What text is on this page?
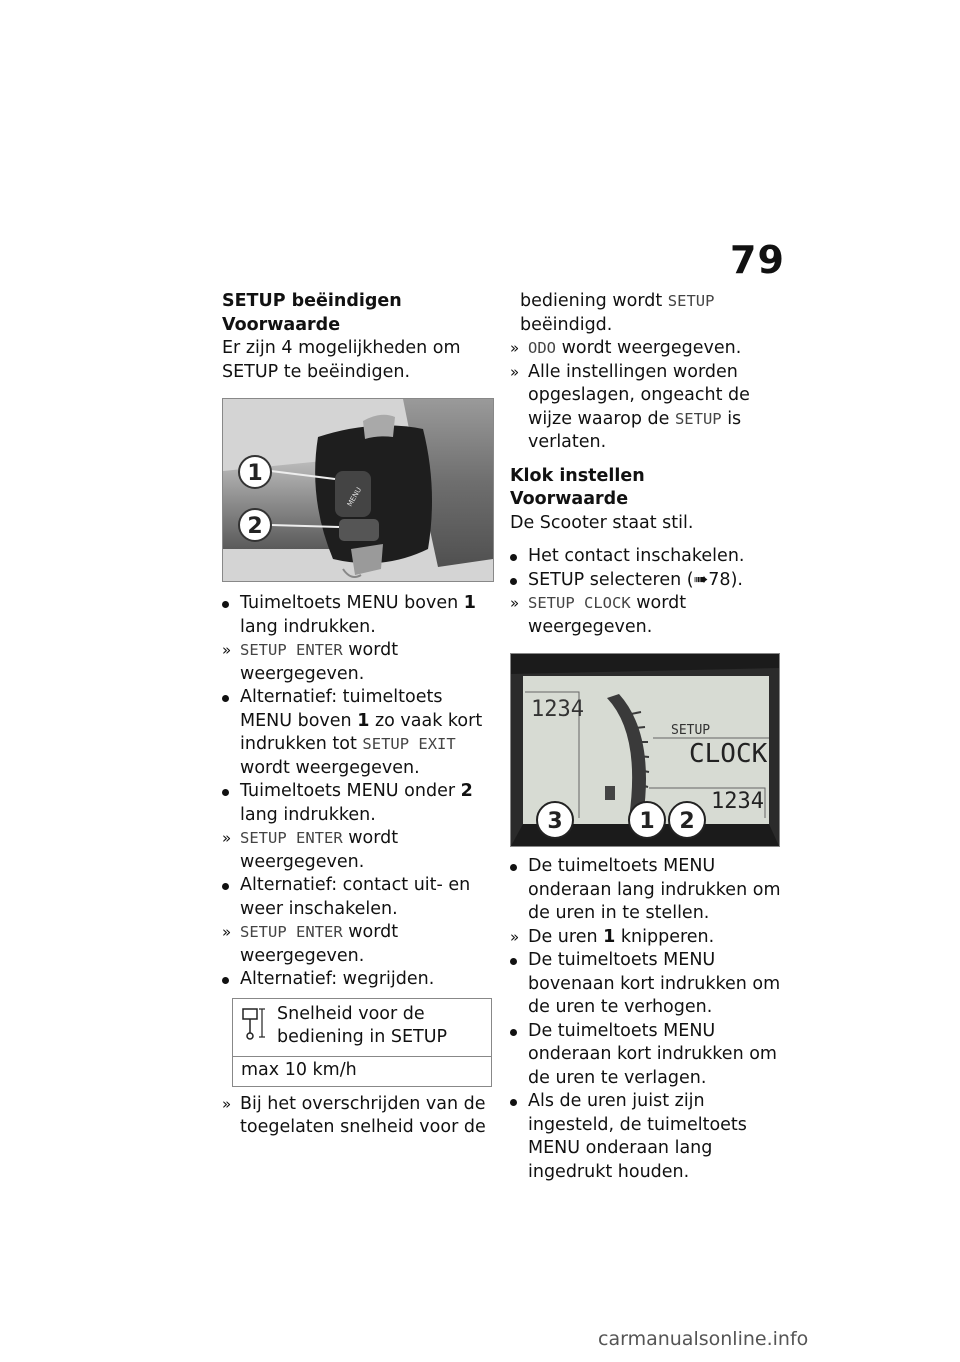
79

SETUP beëindigen

Voorwaarde

Er zijn 4 mogelijkheden om SETUP te beëindigen.

MENU
1
2

Tuimeltoets MENU boven 1 lang indrukken.

» SETUP ENTER wordt weergegeven.

Alternatief: tuimeltoets MENU boven 1 zo vaak kort indrukken tot SETUP EXIT wordt weergegeven.

Tuimeltoets MENU onder 2 lang indrukken.

» SETUP ENTER wordt weergegeven.

Alternatief: contact uit- en weer inschakelen.

» SETUP ENTER wordt weergegeven.

Alternatief: wegrijden.

Snelheid voor de bediening in SETUP
max 10 km/h

» Bij het overschrijden van de toegelaten snelheid voor de

bediening wordt SETUP beëindigd.

» ODO wordt weergegeven.

» Alle instellingen worden opgeslagen, ongeacht de wijze waarop de SETUP is verlaten.

Klok instellen

Voorwaarde

De Scooter staat stil.

Het contact inschakelen.

SETUP selecteren (➠78).

» SETUP CLOCK wordt weergegeven.

1234
SETUP
CLOCK
1234
3	1 2

De tuimeltoets MENU onderaan lang indrukken om de uren in te stellen.

» De uren 1 knipperen.

De tuimeltoets MENU bovenaan kort indrukken om de uren te verhogen.

De tuimeltoets MENU onderaan kort indrukken om de uren te verlagen.

Als de uren juist zijn ingesteld, de tuimeltoets MENU onderaan lang ingedrukt houden.

carmanualsonline.info
